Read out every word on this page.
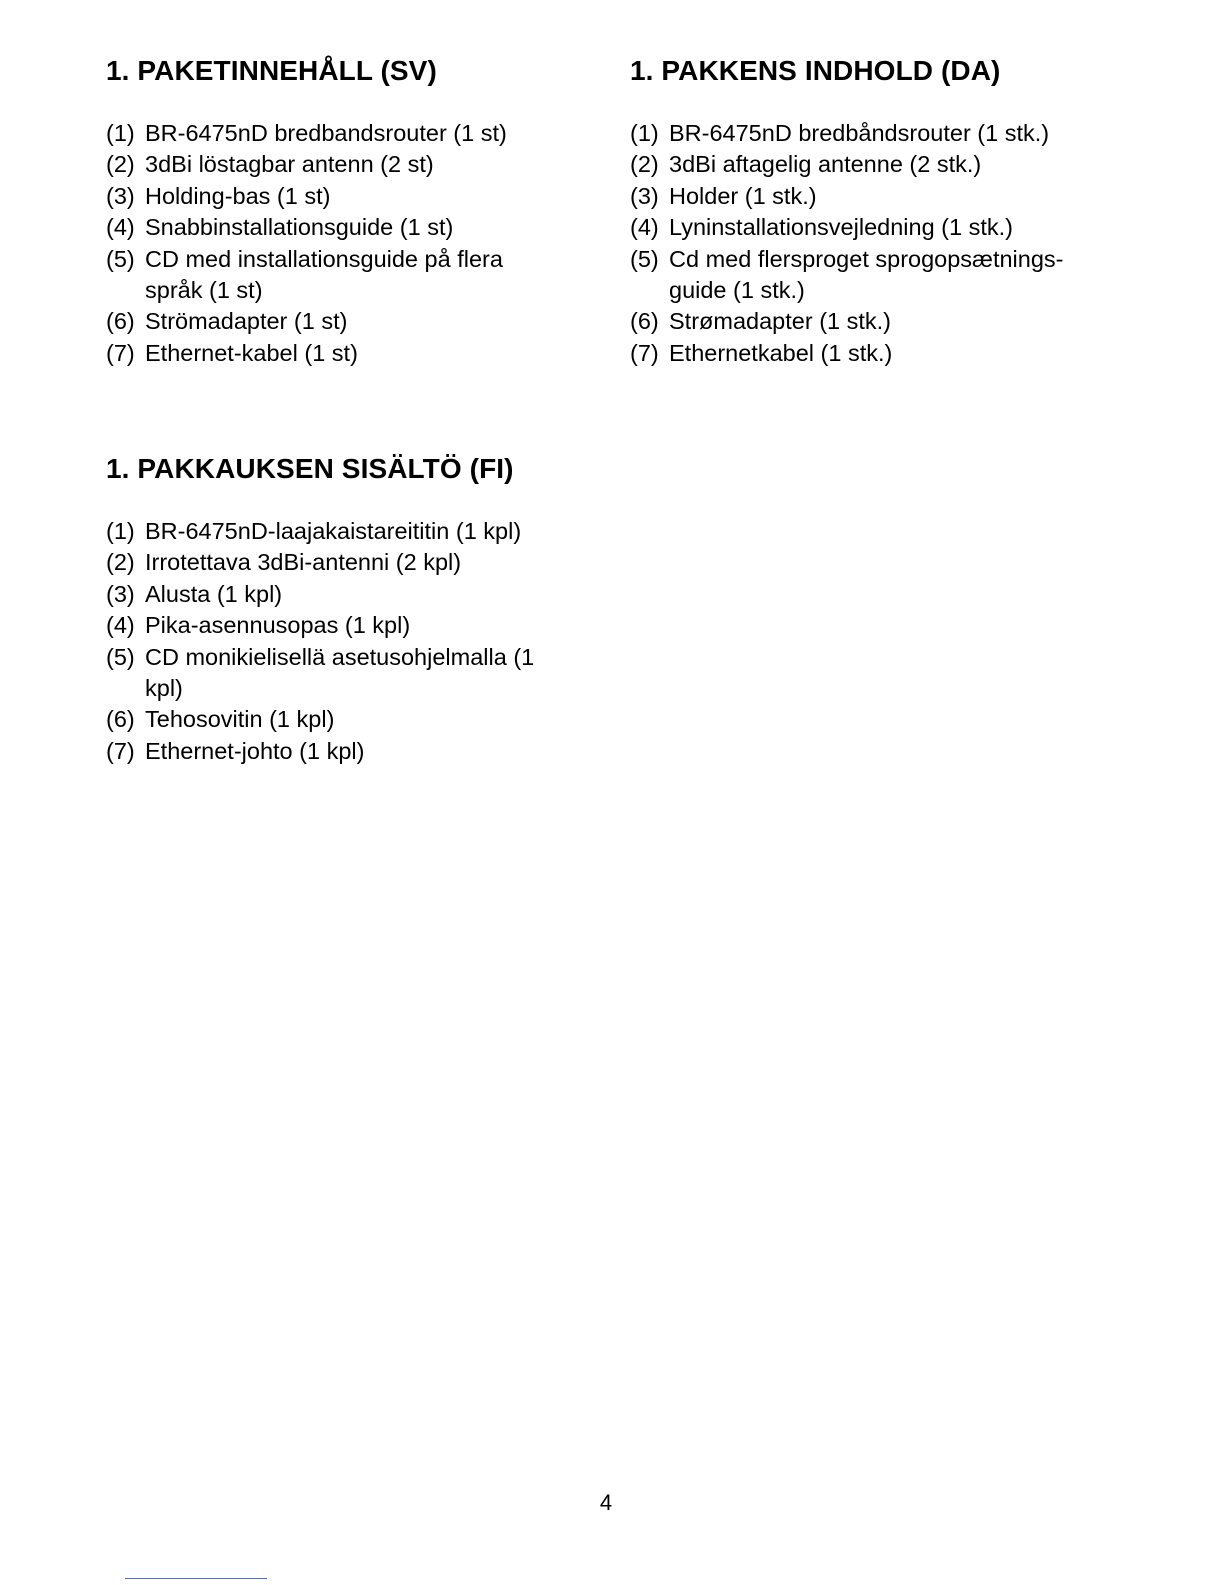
1. PAKETINNEHÅLL (SV)
(1) BR-6475nD bredbandsrouter (1 st)
(2) 3dBi löstagbar antenn (2 st)
(3) Holding-bas (1 st)
(4) Snabbinstallationsguide (1 st)
(5) CD med installationsguide på flera
språk (1 st)
(6) Strömadapter (1 st)
(7) Ethernet-kabel (1 st)
1. PAKKENS INDHOLD (DA)
(1) BR-6475nD bredbåndsrouter (1 stk.)
(2) 3dBi aftagelig antenne (2 stk.)
(3) Holder (1 stk.)
(4) Lyninstallationsvejledning (1 stk.)
(5) Cd med flersproget sprogopsætnings-
guide (1 stk.)
(6) Strømadapter (1 stk.)
(7) Ethernetkabel (1 stk.)
1. PAKKAUKSEN SISÄLTÖ (FI)
(1) BR-6475nD-laajakaistareititin (1 kpl)
(2) Irrotettava 3dBi-antenni (2 kpl)
(3) Alusta (1 kpl)
(4) Pika-asennusopas (1 kpl)
(5) CD monikielisellä asetusohjelmalla (1
kpl)
(6) Tehosovitin (1 kpl)
(7) Ethernet-johto (1 kpl)
4
